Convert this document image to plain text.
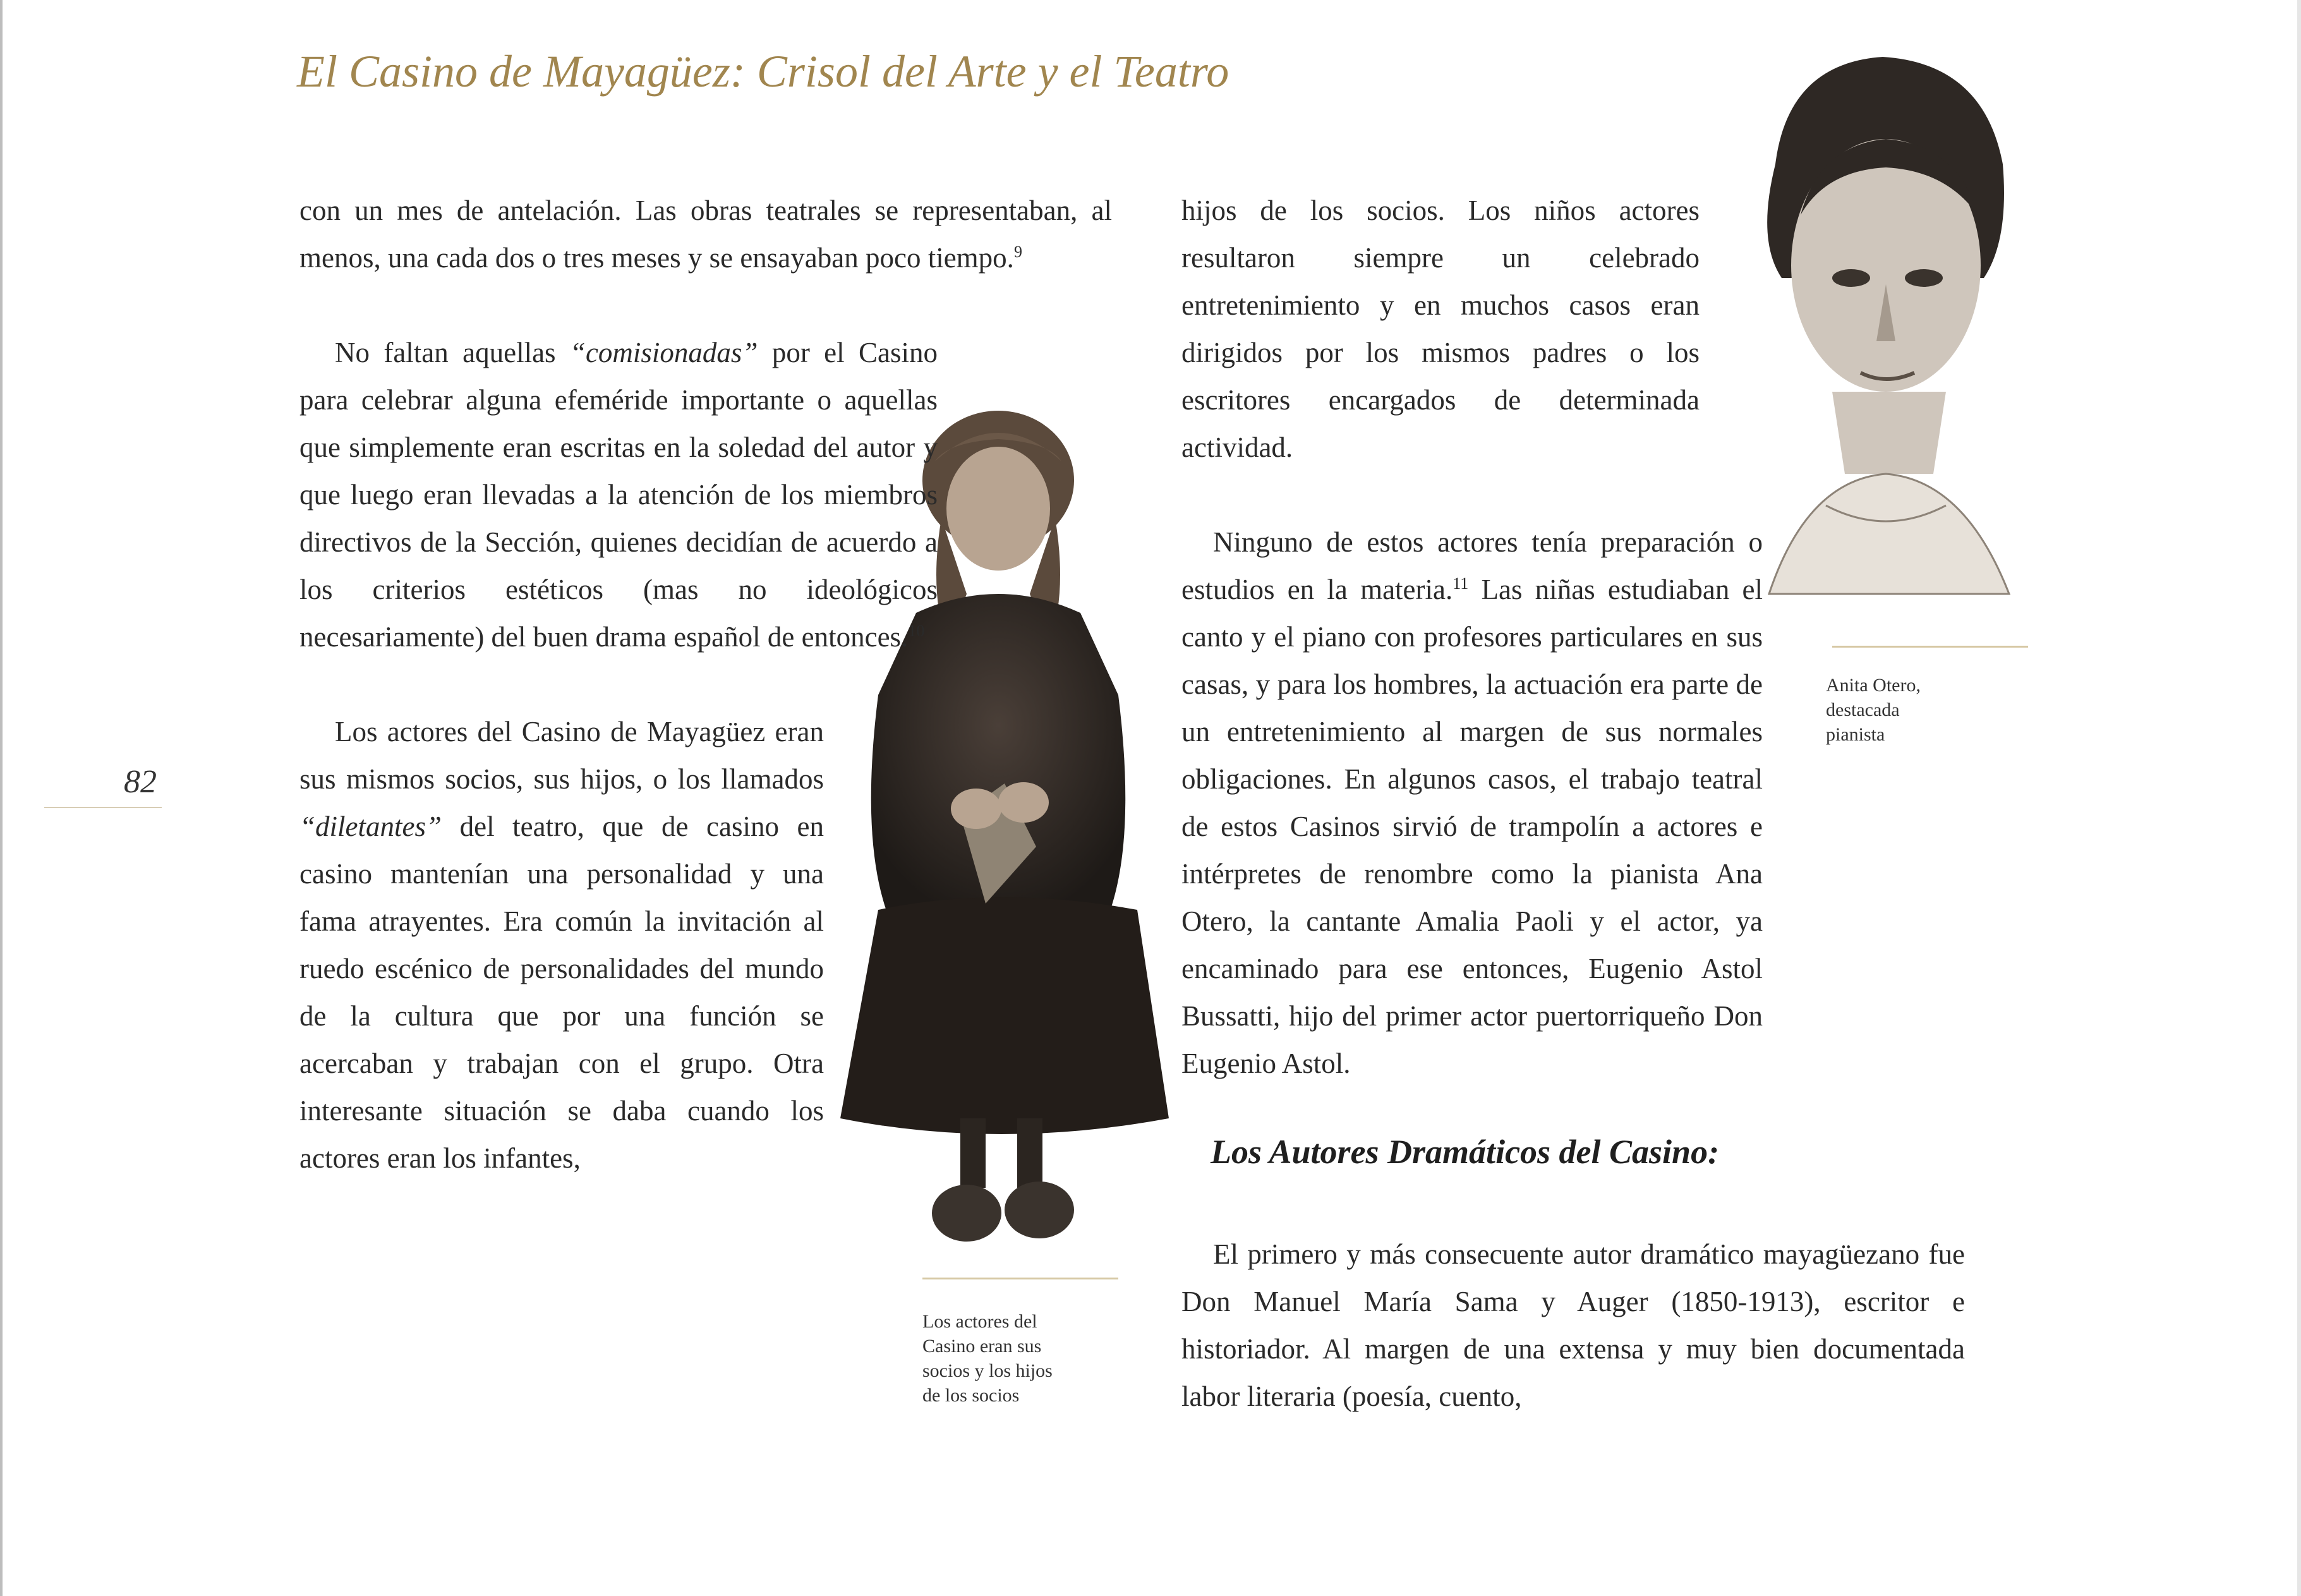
El Casino de Mayagüez: Crisol del Arte y el Teatro
82

con un mes de antelación. Las obras teatrales se representaban, al menos, una cada dos o tres meses y se ensayaban poco tiempo.$^9$

No faltan aquellas “comisionadas” por el Casino para celebrar alguna efeméride importante o aquellas que simplemente eran escritas en la soledad del autor y que luego eran llevadas a la atención de los miembros directivos de la Sección, quienes decidían de acuerdo a los criterios estéticos (mas no ideológicos necesariamente) del buen drama español de entonces.$^{10}$

Los actores del Casino de Mayagüez eran sus mismos socios, sus hijos, o los llamados “diletantes” del teatro, que de casino en casino mantenían una personalidad y una fama atrayentes. Era común la invitación al ruedo escénico de personalidades del mundo de la cultura que por una función se acercaban y trabajan con el grupo. Otra interesante situación se daba cuando los actores eran los infantes,

Los actores del
Casino eran sus
socios y los hijos
de los socios

hijos de los socios. Los niños actores resultaron siempre un celebrado entretenimiento y en muchos casos eran dirigidos por los mismos padres o los escritores encargados de determinada actividad.

Ninguno de estos actores tenía preparación o estudios en la materia.$^{11}$ Las niñas estudiaban el canto y el piano con profesores particulares en sus casas, y para los hombres, la actuación era parte de un entretenimiento al margen de sus normales obligaciones. En algunos casos, el trabajo teatral de estos Casinos sirvió de trampolín a actores e intérpretes de renombre como la pianista Ana Otero, la cantante Amalia Paoli y el actor, ya encaminado para ese entonces, Eugenio Astol Bussatti, hijo del primer actor puertorriqueño Don Eugenio Astol.

Anita Otero,
destacada
pianista
Los Autores Dramáticos del Casino:

El primero y más consecuente autor dramático mayagüezano fue Don Manuel María Sama y Auger (1850-1913), escritor e historiador. Al margen de una extensa y muy bien documentada labor literaria (poesía, cuento,
